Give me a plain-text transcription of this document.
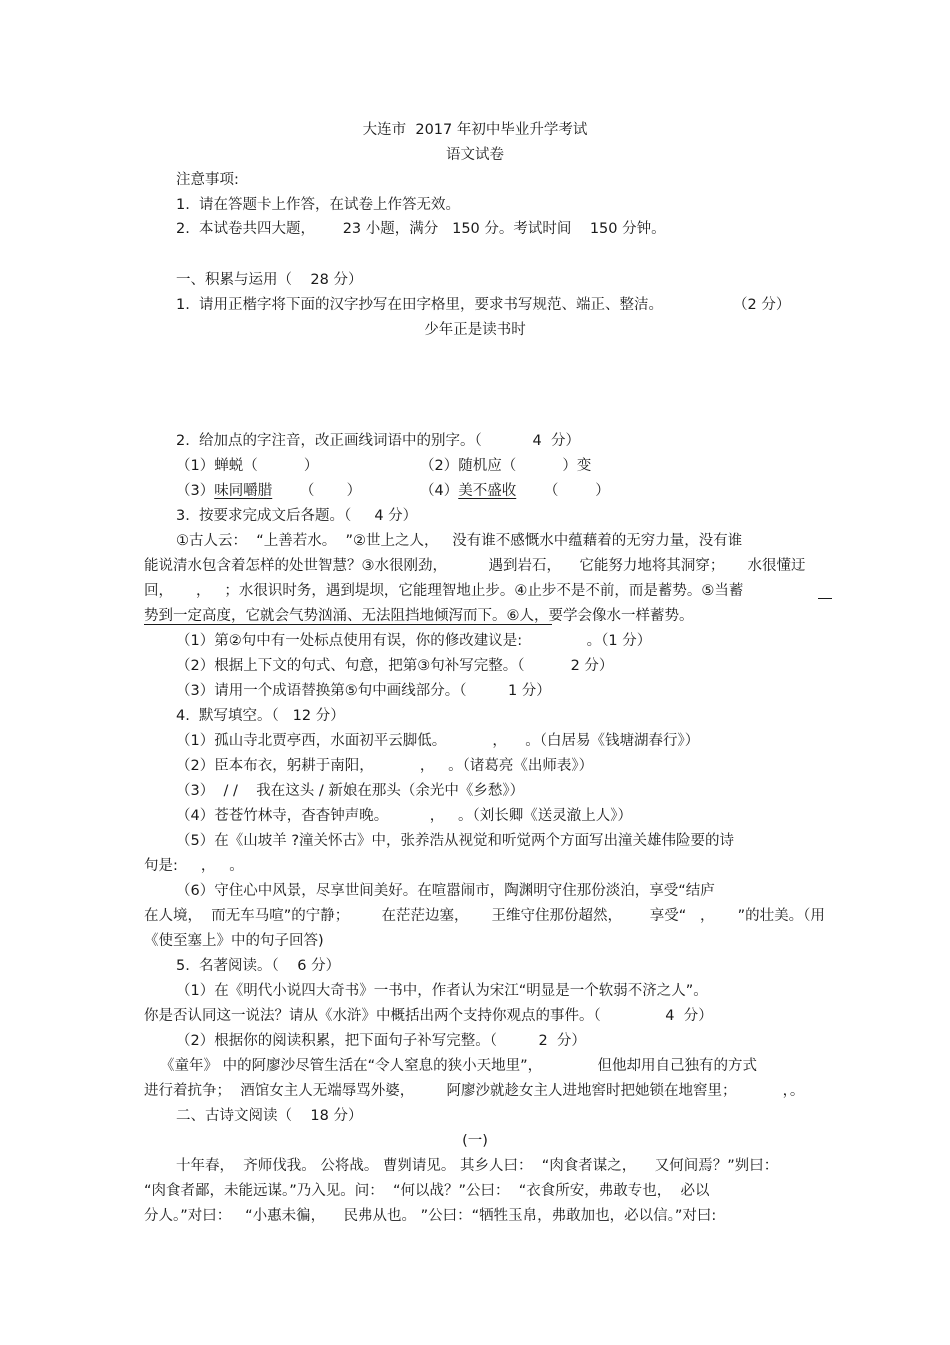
大连市  2017 年初中毕业升学考试
语文试卷
注意事项:
1.  请在答题卡上作答，在试卷上作答无效。
2.  本试卷共四大题，      23 小题，满分   150 分。考试时间    150 分钟。
一、积累与运用（    28 分）
1.  请用正楷字将下面的汉字抄写在田字格里，要求书写规范、端正、整洁。	（2 分）
少年正是读书时
2.  给加点的字注音，改正画线词语中的别字。（           4  分）
（1）蝉蜕（          ）	（2）随机应（          ）变
（3）味同嚼腊 （       ）	（4）美不盛收 （        ）
3.  按要求完成文后各题。（     4 分）
①古人云：  “上善若水。  ”②世上之人，   没有谁不感慨水中蕴藉着的无穷力量，没有谁
能说清水包含着怎样的处世智慧？③水很刚劲，         遇到岩石，    它能努力地将其洞穿；     水很懂迂
回，     ，   ；水很识时务，遇到堤坝，它能理智地止步。④止步不是不前，而是蓄势。⑤当蓄
势到一定高度，它就会气势汹涌、无法阻挡地倾泻而下。⑥人，要学会像水一样蓄势。
（1）第②句中有一处标点使用有误，你的修改建议是:              。（1 分）
（2）根据上下文的句式、句意，把第③句补写完整。（          2 分）
（3）请用一个成语替换第⑤句中画线部分。（         1 分）
4.  默写填空。（   12 分）
（1）孤山寺北贾亭西，水面初平云脚低。          ，    。（白居易《钱塘湖春行》）
（2）臣本布衣，躬耕于南阳，          ，   。（诸葛亮《出师表》）
（3）  / /    我在这头 / 新娘在那头（余光中《乡愁》）
（4）苍苍竹林寺，杳杳钟声晚。         ，   。（刘长卿《送灵澈上人》）
（5）在《山坡羊 ?潼关怀古》中，张养浩从视觉和听觉两个方面写出潼关雄伟险要的诗
句是:     ，   。
（6）守住心中风景，尽享世间美好。在喧嚣闹市，陶渊明守住那份淡泊，享受“结庐
在人境，  而无车马喧”的宁静；       在茫茫边塞，     王维守住那份超然，      享受“   ，     ”的壮美。（用
《使至塞上》中的句子回答)
5.  名著阅读。（    6 分）
（1）在《明代小说四大奇书》一书中，作者认为宋江“明显是一个软弱不济之人”。
你是否认同这一说法？请从《水浒》中概括出两个支持你观点的事件。（              4  分）
（2）根据你的阅读积累，把下面句子补写完整。（         2  分）
《童年》 中的阿廖沙尽管生活在“令人窒息的狭小天地里”，            但他却用自己独有的方式
进行着抗争；  酒馆女主人无端辱骂外婆，       阿廖沙就趁女主人进地窖时把她锁在地窖里；          ，。
二、古诗文阅读（    18 分）
(一)
十年春，  齐师伐我。 公将战。 曹刿请见。 其乡人曰：  “肉食者谋之，    又何间焉？”刿曰：
“肉食者鄙，未能远谋。”乃入见。问：  “何以战？”公曰：  “衣食所安，弗敢专也，  必以
分人。”对曰：   “小惠未徧，    民弗从也。 ”公曰：“牺牲玉帛，弗敢加也，必以信。”对曰:
